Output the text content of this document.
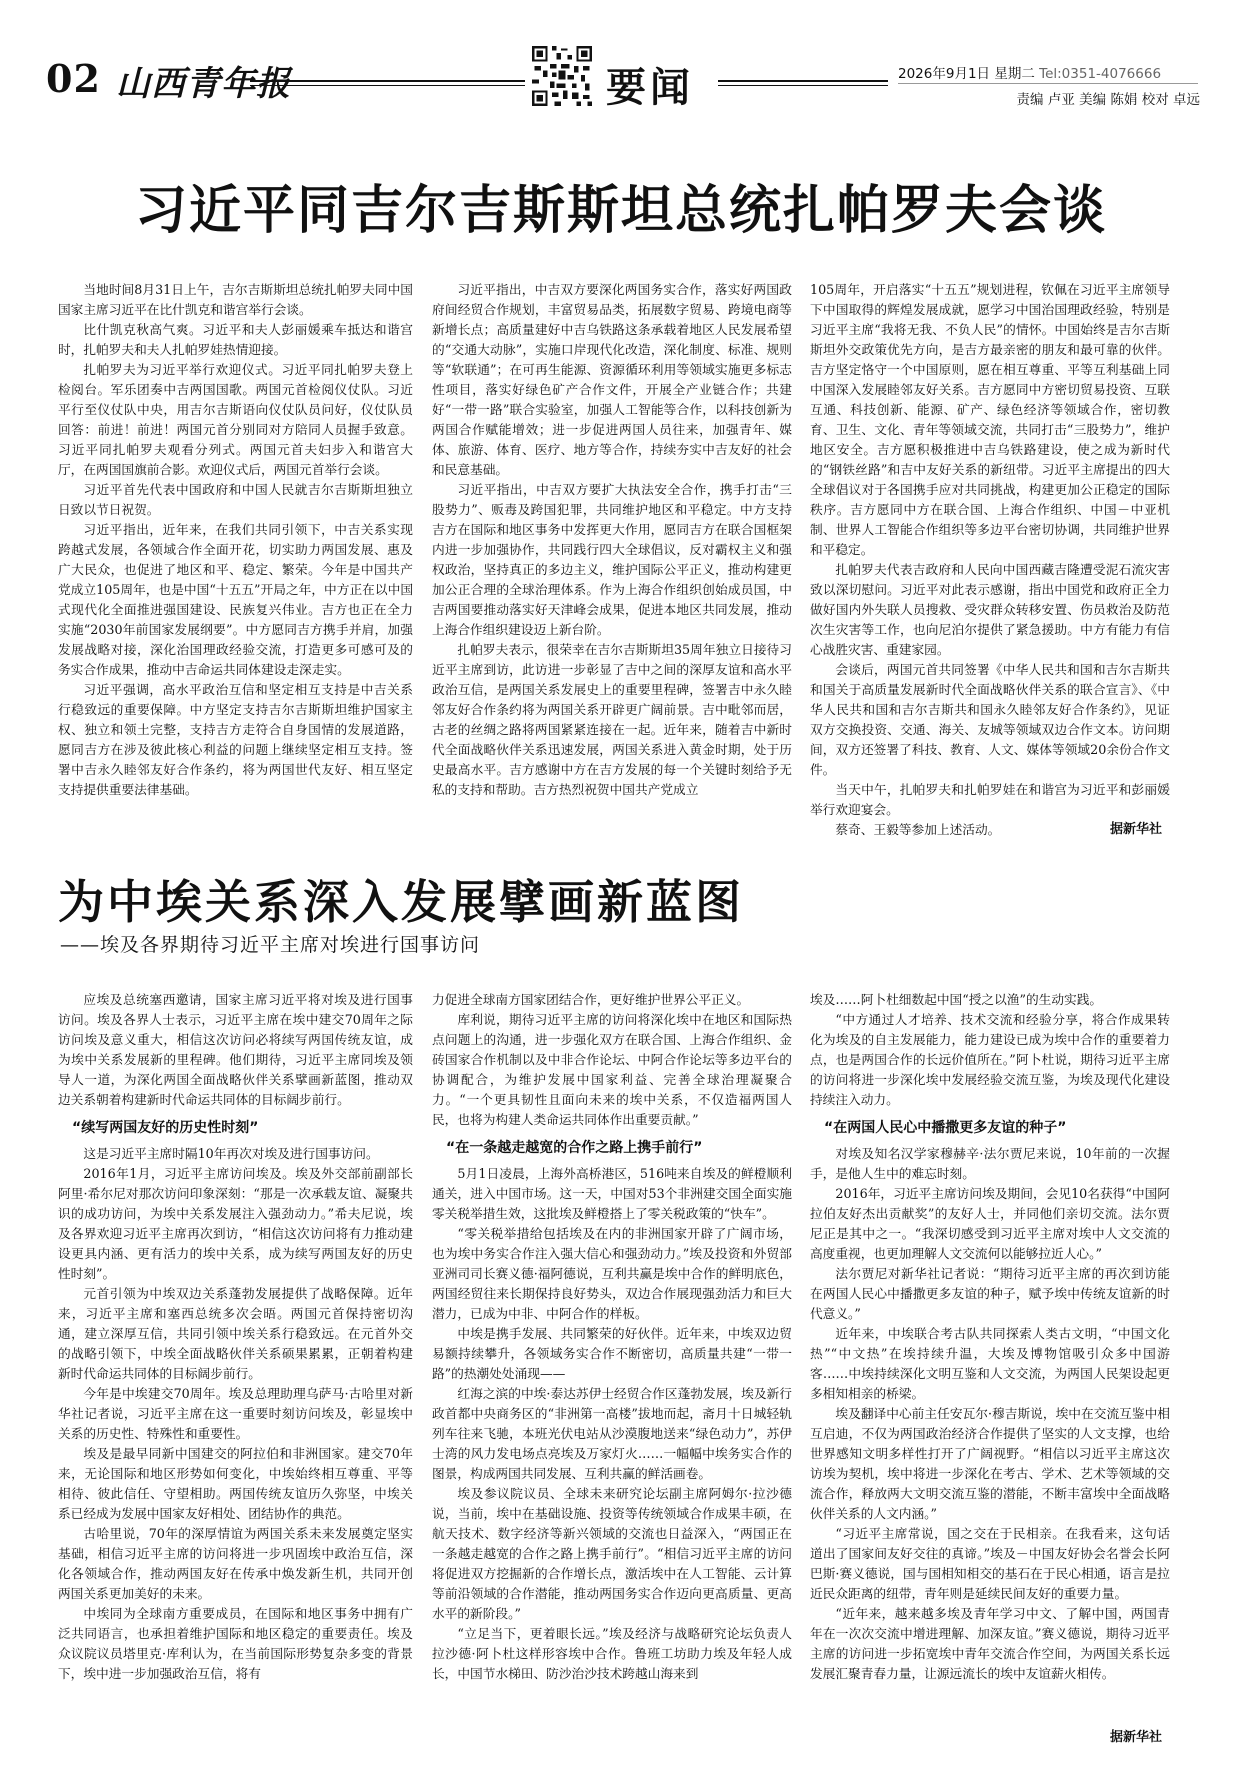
02 山西青年报	要闻	2026年9月1日 星期二 Tel:0351-4076666
责编 卢亚 美编 陈娟 校对 卓远
习近平同吉尔吉斯斯坦总统扎帕罗夫会谈

当地时间8月31日上午，吉尔吉斯斯坦总统扎帕罗夫同中国国家主席习近平在比什凯克和谐宫举行会谈。

比什凯克秋高气爽。习近平和夫人彭丽媛乘车抵达和谐宫时，扎帕罗夫和夫人扎帕罗娃热情迎接。

扎帕罗夫为习近平举行欢迎仪式。习近平同扎帕罗夫登上检阅台。军乐团奏中吉两国国歌。两国元首检阅仪仗队。习近平行至仪仗队中央，用吉尔吉斯语向仪仗队员问好，仪仗队员回答：前进！前进！两国元首分别同对方陪同人员握手致意。习近平同扎帕罗夫观看分列式。两国元首夫妇步入和谐宫大厅，在两国国旗前合影。欢迎仪式后，两国元首举行会谈。

习近平首先代表中国政府和中国人民就吉尔吉斯斯坦独立日致以节日祝贺。

习近平指出，近年来，在我们共同引领下，中吉关系实现跨越式发展，各领域合作全面开花，切实助力两国发展、惠及广大民众，也促进了地区和平、稳定、繁荣。今年是中国共产党成立105周年，也是中国“十五五”开局之年，中方正在以中国式现代化全面推进强国建设、民族复兴伟业。吉方也正在全力实施“2030年前国家发展纲要”。中方愿同吉方携手并肩，加强发展战略对接，深化治国理政经验交流，打造更多可感可及的务实合作成果，推动中吉命运共同体建设走深走实。

习近平强调，高水平政治互信和坚定相互支持是中吉关系行稳致远的重要保障。中方坚定支持吉尔吉斯斯坦维护国家主权、独立和领土完整，支持吉方走符合自身国情的发展道路，愿同吉方在涉及彼此核心利益的问题上继续坚定相互支持。签署中吉永久睦邻友好合作条约，将为两国世代友好、相互坚定支持提供重要法律基础。

习近平指出，中吉双方要深化两国务实合作，落实好两国政府间经贸合作规划，丰富贸易品类，拓展数字贸易、跨境电商等新增长点；高质量建好中吉乌铁路这条承载着地区人民发展希望的“交通大动脉”，实施口岸现代化改造，深化制度、标准、规则等“软联通”；在可再生能源、资源循环利用等领域实施更多标志性项目，落实好绿色矿产合作文件，开展全产业链合作；共建好“一带一路”联合实验室，加强人工智能等合作，以科技创新为两国合作赋能增效；进一步促进两国人员往来，加强青年、媒体、旅游、体育、医疗、地方等合作，持续夯实中吉友好的社会和民意基础。

习近平指出，中吉双方要扩大执法安全合作，携手打击“三股势力”、贩毒及跨国犯罪，共同维护地区和平稳定。中方支持吉方在国际和地区事务中发挥更大作用，愿同吉方在联合国框架内进一步加强协作，共同践行四大全球倡议，反对霸权主义和强权政治，坚持真正的多边主义，维护国际公平正义，推动构建更加公正合理的全球治理体系。作为上海合作组织创始成员国，中吉两国要推动落实好天津峰会成果，促进本地区共同发展，推动上海合作组织建设迈上新台阶。

扎帕罗夫表示，很荣幸在吉尔吉斯斯坦35周年独立日接待习近平主席到访，此访进一步彰显了吉中之间的深厚友谊和高水平政治互信，是两国关系发展史上的重要里程碑，签署吉中永久睦邻友好合作条约将为两国关系开辟更广阔前景。吉中毗邻而居，古老的丝绸之路将两国紧紧连接在一起。近年来，随着吉中新时代全面战略伙伴关系迅速发展，两国关系进入黄金时期，处于历史最高水平。吉方感谢中方在吉方发展的每一个关键时刻给予无私的支持和帮助。吉方热烈祝贺中国共产党成立

105周年，开启落实“十五五”规划进程，钦佩在习近平主席领导下中国取得的辉煌发展成就，愿学习中国治国理政经验，特别是习近平主席“我将无我、不负人民”的情怀。中国始终是吉尔吉斯斯坦外交政策优先方向，是吉方最亲密的朋友和最可靠的伙伴。吉方坚定恪守一个中国原则，愿在相互尊重、平等互利基础上同中国深入发展睦邻友好关系。吉方愿同中方密切贸易投资、互联互通、科技创新、能源、矿产、绿色经济等领域合作，密切教育、卫生、文化、青年等领域交流，共同打击“三股势力”，维护地区安全。吉方愿积极推进中吉乌铁路建设，使之成为新时代的“钢铁丝路”和吉中友好关系的新纽带。习近平主席提出的四大全球倡议对于各国携手应对共同挑战，构建更加公正稳定的国际秩序。吉方愿同中方在联合国、上海合作组织、中国－中亚机制、世界人工智能合作组织等多边平台密切协调，共同维护世界和平稳定。

扎帕罗夫代表吉政府和人民向中国西藏吉隆遭受泥石流灾害致以深切慰问。习近平对此表示感谢，指出中国党和政府正全力做好国内外失联人员搜救、受灾群众转移安置、伤员救治及防范次生灾害等工作，也向尼泊尔提供了紧急援助。中方有能力有信心战胜灾害、重建家园。

会谈后，两国元首共同签署《中华人民共和国和吉尔吉斯共和国关于高质量发展新时代全面战略伙伴关系的联合宣言》、《中华人民共和国和吉尔吉斯共和国永久睦邻友好合作条约》，见证双方交换投资、交通、海关、友城等领域双边合作文本。访问期间，双方还签署了科技、教育、人文、媒体等领域20余份合作文件。

当天中午，扎帕罗夫和扎帕罗娃在和谐宫为习近平和彭丽媛举行欢迎宴会。

蔡奇、王毅等参加上述活动。	据新华社
为中埃关系深入发展擘画新蓝图
——埃及各界期待习近平主席对埃进行国事访问

应埃及总统塞西邀请，国家主席习近平将对埃及进行国事访问。埃及各界人士表示，习近平主席在埃中建交70周年之际访问埃及意义重大，相信这次访问必将续写两国传统友谊，成为埃中关系发展新的里程碑。他们期待，习近平主席同埃及领导人一道，为深化两国全面战略伙伴关系擘画新蓝图，推动双边关系朝着构建新时代命运共同体的目标阔步前行。

“续写两国友好的历史性时刻”

这是习近平主席时隔10年再次对埃及进行国事访问。

2016年1月，习近平主席访问埃及。埃及外交部前副部长阿里·希尔尼对那次访问印象深刻：“那是一次承载友谊、凝聚共识的成功访问，为埃中关系发展注入强劲动力。”希夫尼说，埃及各界欢迎习近平主席再次到访，“相信这次访问将有力推动建设更具内涵、更有活力的埃中关系，成为续写两国友好的历史性时刻”。

元首引领为中埃双边关系蓬勃发展提供了战略保障。近年来，习近平主席和塞西总统多次会晤。两国元首保持密切沟通，建立深厚互信，共同引领中埃关系行稳致远。在元首外交的战略引领下，中埃全面战略伙伴关系硕果累累，正朝着构建新时代命运共同体的目标阔步前行。

今年是中埃建交70周年。埃及总理助理乌萨马·古哈里对新华社记者说，习近平主席在这一重要时刻访问埃及，彰显埃中关系的历史性、特殊性和重要性。

埃及是最早同新中国建交的阿拉伯和非洲国家。建交70年来，无论国际和地区形势如何变化，中埃始终相互尊重、平等相待、彼此信任、守望相助。两国传统友谊历久弥坚，中埃关系已经成为发展中国家友好相处、团结协作的典范。

古哈里说，70年的深厚情谊为两国关系未来发展奠定坚实基础，相信习近平主席的访问将进一步巩固埃中政治互信，深化各领域合作，推动两国友好在传承中焕发新生机，共同开创两国关系更加美好的未来。

中埃同为全球南方重要成员，在国际和地区事务中拥有广泛共同语言，也承担着维护国际和地区稳定的重要责任。埃及众议院议员塔里克·库利认为，在当前国际形势复杂多变的背景下，埃中进一步加强政治互信，将有

力促进全球南方国家团结合作，更好维护世界公平正义。

库利说，期待习近平主席的访问将深化埃中在地区和国际热点问题上的沟通，进一步强化双方在联合国、上海合作组织、金砖国家合作机制以及中非合作论坛、中阿合作论坛等多边平台的协调配合，为维护发展中国家利益、完善全球治理凝聚合力。“一个更具韧性且面向未来的埃中关系，不仅造福两国人民，也将为构建人类命运共同体作出重要贡献。”

“在一条越走越宽的合作之路上携手前行”

5月1日凌晨，上海外高桥港区，516吨来自埃及的鲜橙顺利通关，进入中国市场。这一天，中国对53个非洲建交国全面实施零关税举措生效，这批埃及鲜橙搭上了零关税政策的“快车”。

“零关税举措给包括埃及在内的非洲国家开辟了广阔市场，也为埃中务实合作注入强大信心和强劲动力。”埃及投资和外贸部亚洲司司长赛义德·福阿德说，互利共赢是埃中合作的鲜明底色，两国经贸往来长期保持良好势头，双边合作展现强劲活力和巨大潜力，已成为中非、中阿合作的样板。

中埃是携手发展、共同繁荣的好伙伴。近年来，中埃双边贸易额持续攀升，各领域务实合作不断密切，高质量共建“一带一路”的热潮处处涌现——

红海之滨的中埃·泰达苏伊士经贸合作区蓬勃发展，埃及新行政首都中央商务区的“非洲第一高楼”拔地而起，斋月十日城轻轨列车往来飞驰，本班光伏电站从沙漠腹地送来“绿色动力”，苏伊士湾的风力发电场点亮埃及万家灯火……一幅幅中埃务实合作的图景，构成两国共同发展、互利共赢的鲜活画卷。

埃及参议院议员、全球未来研究论坛副主席阿姆尔·拉沙德说，当前，埃中在基础设施、投资等传统领域合作成果丰硕，在航天技术、数字经济等新兴领域的交流也日益深入，“两国正在一条越走越宽的合作之路上携手前行”。“相信习近平主席的访问将促进双方挖掘新的合作增长点，激活埃中在人工智能、云计算等前沿领域的合作潜能，推动两国务实合作迈向更高质量、更高水平的新阶段。”

“立足当下，更着眼长远。”埃及经济与战略研究论坛负责人拉沙德·阿卜杜这样形容埃中合作。鲁班工坊助力埃及年轻人成长，中国节水梯田、防沙治沙技术跨越山海来到

埃及……阿卜杜细数起中国“授之以渔”的生动实践。

“中方通过人才培养、技术交流和经验分享，将合作成果转化为埃及的自主发展能力，能力建设已成为埃中合作的重要着力点，也是两国合作的长远价值所在。”阿卜杜说，期待习近平主席的访问将进一步深化埃中发展经验交流互鉴，为埃及现代化建设持续注入动力。

“在两国人民心中播撒更多友谊的种子”

对埃及知名汉学家穆赫辛·法尔贾尼来说，10年前的一次握手，是他人生中的难忘时刻。

2016年，习近平主席访问埃及期间，会见10名获得“中国阿拉伯友好杰出贡献奖”的友好人士，并同他们亲切交流。法尔贾尼正是其中之一。“我深切感受到习近平主席对埃中人文交流的高度重视，也更加理解人文交流何以能够拉近人心。”

法尔贾尼对新华社记者说：“期待习近平主席的再次到访能在两国人民心中播撒更多友谊的种子，赋予埃中传统友谊新的时代意义。”

近年来，中埃联合考古队共同探索人类古文明，“中国文化热”“中文热”在埃持续升温，大埃及博物馆吸引众多中国游客……中埃持续深化文明互鉴和人文交流，为两国人民架设起更多相知相亲的桥梁。

埃及翻译中心前主任安瓦尔·穆吉斯说，埃中在交流互鉴中相互启迪，不仅为两国政治经济合作提供了坚实的人文支撑，也给世界感知文明多样性打开了广阔视野。“相信以习近平主席这次访埃为契机，埃中将进一步深化在考古、学术、艺术等领域的交流合作，释放两大文明交流互鉴的潜能，不断丰富埃中全面战略伙伴关系的人文内涵。”

“习近平主席常说，国之交在于民相亲。在我看来，这句话道出了国家间友好交往的真谛。”埃及－中国友好协会名誉会长阿巴斯·赛义德说，国与国相知相交的基石在于民心相通，语言是拉近民众距离的纽带，青年则是延续民间友好的重要力量。

“近年来，越来越多埃及青年学习中文、了解中国，两国青年在一次次交流中增进理解、加深友谊。”赛义德说，期待习近平主席的访问进一步拓宽埃中青年交流合作空间，为两国关系长远发展汇聚青春力量，让源远流长的埃中友谊薪火相传。

据新华社
